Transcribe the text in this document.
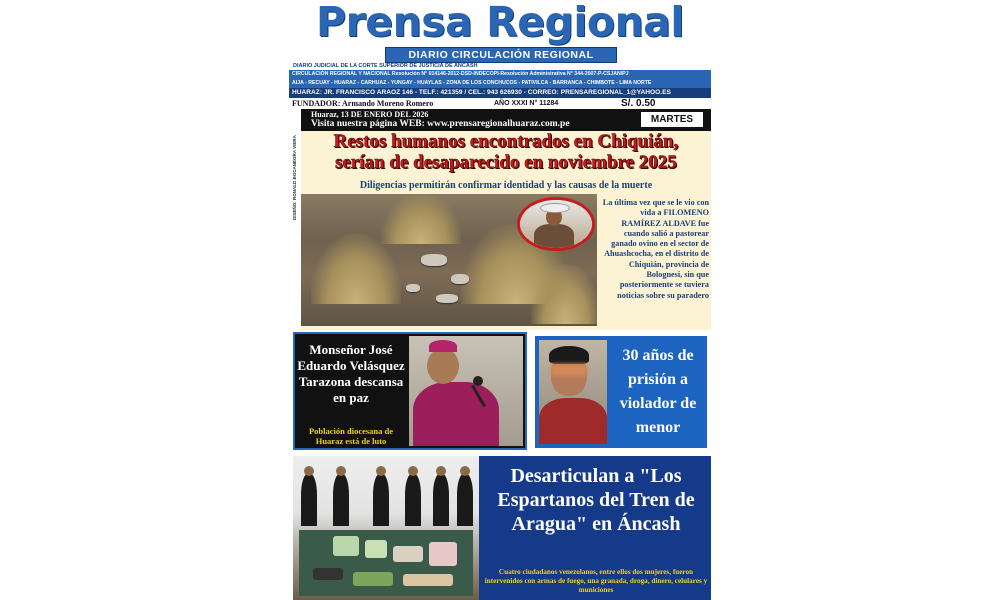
Prensa Regional
DIARIO CIRCULACIÓN REGIONAL
DIARIO JUDICIAL DE LA CORTE SUPERIOR DE JUSTICIA DE ANCASH
CIRCULACIÓN REGIONAL Y NACIONAL Resolución N° 014146-2012-DSD-INDECOPI-Resolución Administrativa N° 344-2007-P-CSJAN/PJ
AIJA - RECUAY - HUARAZ - CARHUAZ - YUNGAY - HUAYLAS - ZONA DE LOS CONCHUCOS - PATIVILCA - BARRANCA - CHIMBOTE - LIMA NORTE
HUARAZ: JR. FRANCISCO ARAOZ 146 - TELF.: 421359 / CEL.: 943 626930 - CORREO: PRENSAREGIONAL_1@YAHOO.ES
FUNDADOR: Armando Moreno Romero	AÑO XXXI N° 11284	S/. 0.50
Huaraz, 13 DE ENERO DEL 2026
Visita nuestra página WEB: www.prensaregionalhuaraz.com.pe	MARTES
DISEÑO: RONALD BOCANEGRA VIERA	Restos humanos encontrados en Chiquián,
serían de desaparecido en noviembre 2025
Diligencias permitirán confirmar identidad y las causas de la muerte
La última vez que se le vio con vida a FILOMENO RAMÍREZ ALDAVE fue cuando salió a pastorear ganado ovino en el sector de Ahuashcocha, en el distrito de Chiquián, provincia de Bolognesi, sin que posteriormente se tuviera noticias sobre su paradero
Monseñor José Eduardo Velásquez Tarazona descansa en paz
Población diocesana de Huaraz está de luto
30 años de prisión a violador de menor
Desarticulan a "Los Espartanos del Tren de Aragua" en Áncash
Cuatro ciudadanos venezolanos, entre ellos dos mujeres, fueron intervenidos con armas de fuego, una granada, droga, dinero, celulares y municiones
